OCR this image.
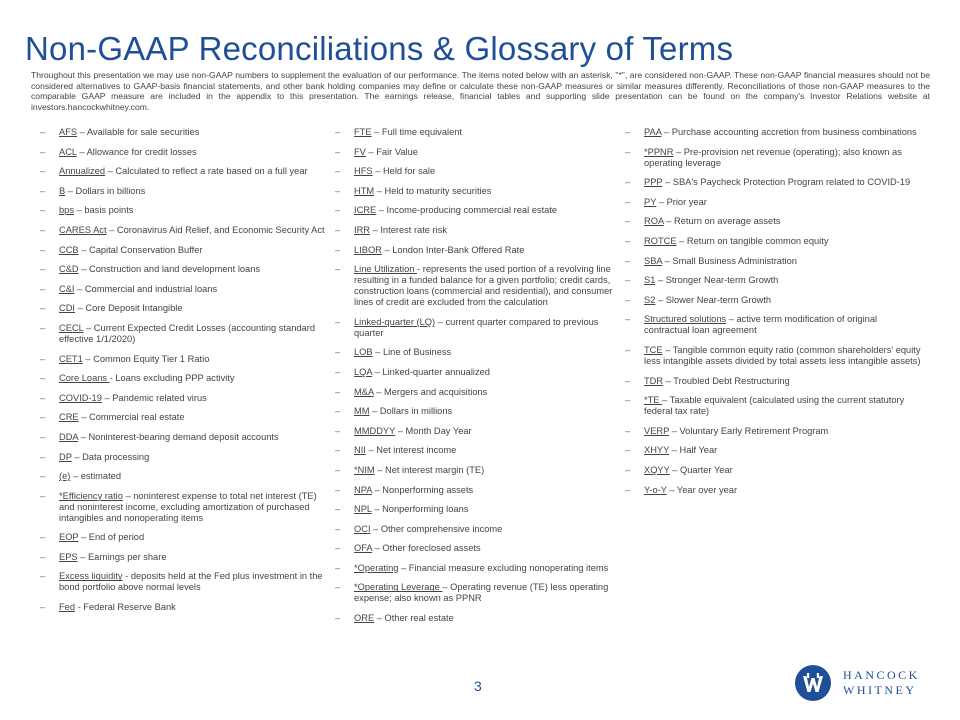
Non-GAAP Reconciliations & Glossary of Terms
Throughout this presentation we may use non-GAAP numbers to supplement the evaluation of our performance. The items noted below with an asterisk, "*", are considered non-GAAP. These non-GAAP financial measures should not be considered alternatives to GAAP-basis financial statements, and other bank holding companies may define or calculate these non-GAAP measures or similar measures differently. Reconciliations of those non-GAAP measures to the comparable GAAP measure are included in the appendix to this presentation. The earnings release, financial tables and supporting slide presentation can be found on the company's Investor Relations website at investors.hancockwhitney.com.
–	AFS – Available for sale securities
–	ACL – Allowance for credit losses
–	Annualized – Calculated to reflect a rate based on a full year
–	B – Dollars in billions
–	bps – basis points
–	CARES Act – Coronavirus Aid Relief, and Economic Security Act
–	CCB – Capital Conservation Buffer
–	C&D – Construction and land development loans
–	C&I – Commercial and industrial loans
–	CDI – Core Deposit Intangible
–	CECL – Current Expected Credit Losses (accounting standard effective 1/1/2020)
–	CET1 – Common Equity Tier 1 Ratio
–	Core Loans - Loans excluding PPP activity
–	COVID-19 – Pandemic related virus
–	CRE – Commercial real estate
–	DDA – Noninterest-bearing demand deposit accounts
–	DP – Data processing
–	(e) – estimated
–	*Efficiency ratio – noninterest expense to total net interest (TE) and noninterest income, excluding amortization of purchased intangibles and nonoperating items
–	EOP – End of period
–	EPS – Earnings per share
–	Excess liquidity - deposits held at the Fed plus investment in the bond portfolio above normal levels
–	Fed - Federal Reserve Bank
–	FTE – Full time equivalent
–	FV – Fair Value
–	HFS – Held for sale
–	HTM – Held to maturity securities
–	ICRE – Income-producing commercial real estate
–	IRR – Interest rate risk
–	LIBOR – London Inter-Bank Offered Rate
–	Line Utilization - represents the used portion of a revolving line resulting in a funded balance for a given portfolio; credit cards, construction loans (commercial and residential), and consumer lines of credit are excluded from the calculation
–	Linked-quarter (LQ) – current quarter compared to previous quarter
–	LOB – Line of Business
–	LQA – Linked-quarter annualized
–	M&A – Mergers and acquisitions
–	MM – Dollars in millions
–	MMDDYY – Month Day Year
–	NII – Net interest income
–	*NIM – Net interest margin (TE)
–	NPA – Nonperforming assets
–	NPL – Nonperforming loans
–	OCI – Other comprehensive income
–	OFA – Other foreclosed assets
–	*Operating – Financial measure excluding nonoperating items
–	*Operating Leverage – Operating revenue (TE) less operating expense; also known as PPNR
–	ORE – Other real estate
–	PAA – Purchase accounting accretion from business combinations
–	*PPNR – Pre-provision net revenue (operating); also known as operating leverage
–	PPP – SBA's Paycheck Protection Program related to COVID-19
–	PY – Prior year
–	ROA – Return on average assets
–	ROTCE – Return on tangible common equity
–	SBA – Small Business Administration
–	S1 – Stronger Near-term Growth
–	S2 – Slower Near-term Growth
–	Structured solutions – active term modification of original contractual loan agreement
–	TCE – Tangible common equity ratio (common shareholders' equity less intangible assets divided by total assets less intangible assets)
–	TDR – Troubled Debt Restructuring
–	*TE – Taxable equivalent (calculated using the current statutory federal tax rate)
–	VERP – Voluntary Early Retirement Program
–	XHYY – Half Year
–	XQYY – Quarter Year
–	Y-o-Y – Year over year
3
HANCOCK
WHITNEY
